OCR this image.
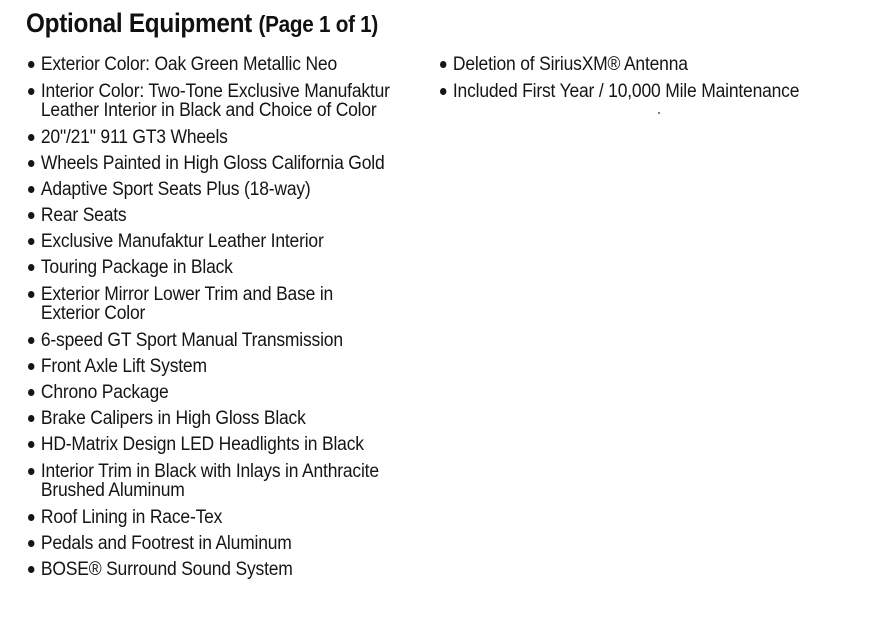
Optional Equipment (Page 1 of 1)
Exterior Color: Oak Green Metallic Neo
Interior Color: Two-Tone Exclusive Manufaktur
Leather Interior in Black and Choice of Color
20"/21" 911 GT3 Wheels
Wheels Painted in High Gloss California Gold
Adaptive Sport Seats Plus (18-way)
Rear Seats
Exclusive Manufaktur Leather Interior
Touring Package in Black
Exterior Mirror Lower Trim and Base in
Exterior Color
6-speed GT Sport Manual Transmission
Front Axle Lift System
Chrono Package
Brake Calipers in High Gloss Black
HD-Matrix Design LED Headlights in Black
Interior Trim in Black with Inlays in Anthracite
Brushed Aluminum
Roof Lining in Race-Tex
Pedals and Footrest in Aluminum
BOSE® Surround Sound System
Deletion of SiriusXM® Antenna
Included First Year / 10,000 Mile Maintenance
